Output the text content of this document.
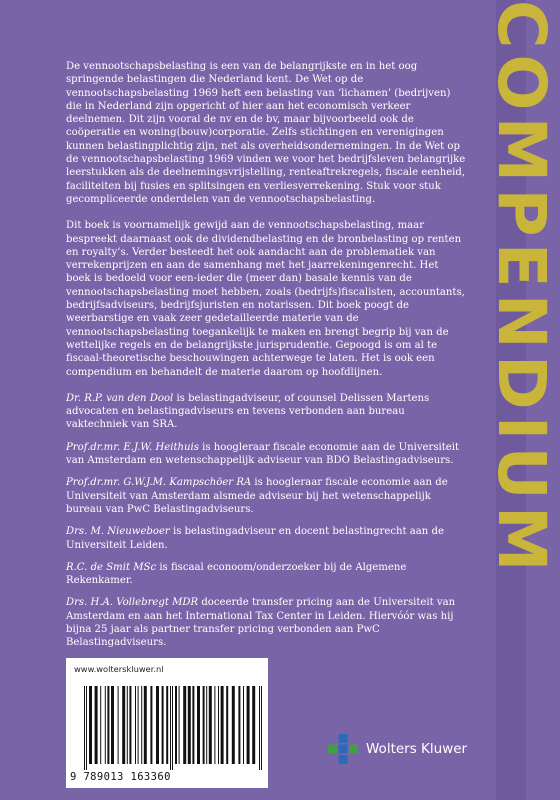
COMPENDIUM

De vennootschapsbelasting is een van de belangrijkste en in het oog springende belastingen die Nederland kent. De Wet op de vennootschapsbelasting 1969 heft een belasting van ‘lichamen’ (bedrijven) die in Nederland zijn opgericht of hier aan het economisch verkeer deelnemen. Dit zijn vooral de nv en de bv, maar bijvoorbeeld ook de coöperatie en woning(bouw)corporatie. Zelfs stichtingen en verenigingen kunnen belastingplichtig zijn, net als overheidsondernemingen. In de Wet op de vennootschapsbelasting 1969 vinden we voor het bedrijfsleven belangrijke leerstukken als de deelnemingsvrijstelling, renteaftrekregels, fiscale eenheid, faciliteiten bij fusies en splitsingen en verliesverrekening. Stuk voor stuk gecompliceerde onderdelen van de vennootschapsbelasting.

Dit boek is voornamelijk gewijd aan de vennootschapsbelasting, maar bespreekt daarnaast ook de dividendbelasting en de bronbelasting op renten en royalty’s. Verder besteedt het ook aandacht aan de problematiek van verrekenprijzen en aan de samenhang met het jaarrekeningenrecht. Het boek is bedoeld voor een-ieder die (meer dan) basale kennis van de vennootschapsbelasting moet hebben, zoals (bedrijfs)fiscalisten, accountants, bedrijfsadviseurs, bedrijfsjuristen en notarissen. Dit boek poogt de weerbarstige en vaak zeer gedetailleerde materie van de vennootschapsbelasting toegankelijk te maken en brengt begrip bij van de wettelijke regels en de belangrijkste jurisprudentie. Gepoogd is om al te fiscaal-theoretische beschouwingen achterwege te laten. Het is ook een compendium en behandelt de materie daarom op hoofdlijnen.

Dr. R.P. van den Dool is belastingadviseur, of counsel Delissen Martens advocaten en belastingadviseurs en tevens verbonden aan bureau vaktechniek van SRA.

Prof.dr.mr. E.J.W. Heithuis is hoogleraar fiscale economie aan de Universiteit van Amsterdam en wetenschappelijk adviseur van BDO Belastingadviseurs.

Prof.dr.mr. G.W.J.M. Kampschöer RA is hoogleraar fiscale economie aan de Universiteit van Amsterdam alsmede adviseur bij het wetenschappelijk bureau van PwC Belastingadviseurs.

Drs. M. Nieuweboer is belastingadviseur en docent belastingrecht aan de Universiteit Leiden.

R.C. de Smit MSc is fiscaal econoom/onderzoeker bij de Algemene Rekenkamer.

Drs. H.A. Vollebregt MDR doceerde transfer pricing aan de Universiteit van Amsterdam en aan het International Tax Center in Leiden. Hiervóór was hij bijna 25 jaar als partner transfer pricing verbonden aan PwC Belastingadviseurs.

www.wolterskluwer.nl
9 789013 163360
Wolters Kluwer
